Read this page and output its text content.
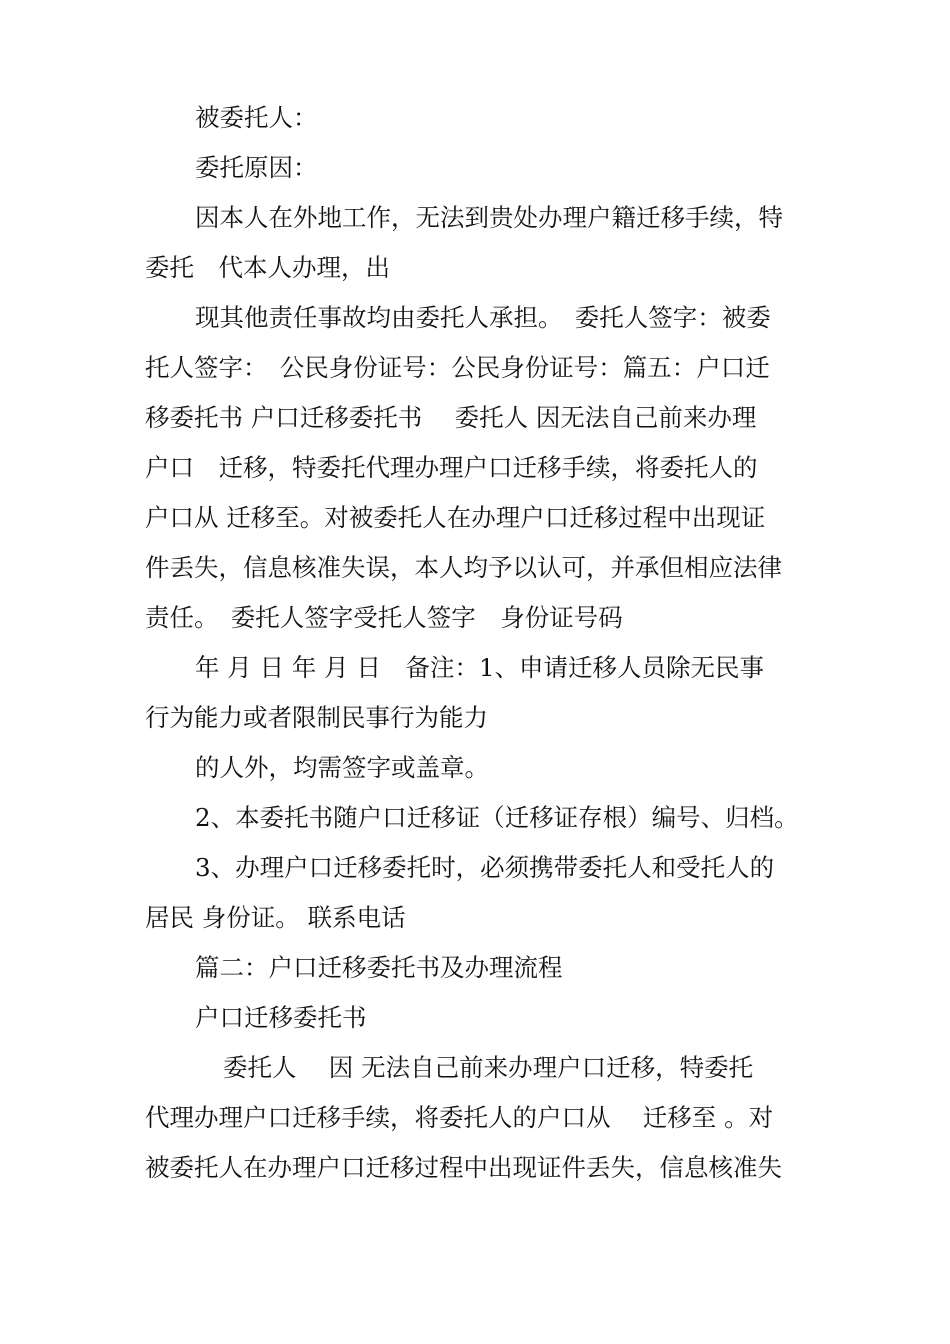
被委托人：
委托原因：
因本人在外地工作，无法到贵处办理户籍迁移手续，特
委托　代本人办理，出
现其他责任事故均由委托人承担。　委托人签字：被委
托人签字：　公民身份证号：公民身份证号：篇五：户口迁
移委托书 户口迁移委托书　 委托人 因无法自己前来办理
户口　迁移，特委托代理办理户口迁移手续，将委托人的
户口从 迁移至。对被委托人在办理户口迁移过程中出现证
件丢失，信息核准失误，本人均予以认可，并承但相应法律
责任。　委托人签字受托人签字　身份证号码
年 月 日 年 月 日　备注：1、申请迁移人员除无民事
行为能力或者限制民事行为能力
的人外，均需签字或盖章。
2、本委托书随户口迁移证（迁移证存根）编号、归档。
3、办理户口迁移委托时，必须携带委托人和受托人的
居民 身份证。 联系电话
篇二：户口迁移委托书及办理流程
户口迁移委托书
委托人　 因 无法自己前来办理户口迁移，特委托
代理办理户口迁移手续，将委托人的户口从　 迁移至 。对
被委托人在办理户口迁移过程中出现证件丢失，信息核准失
